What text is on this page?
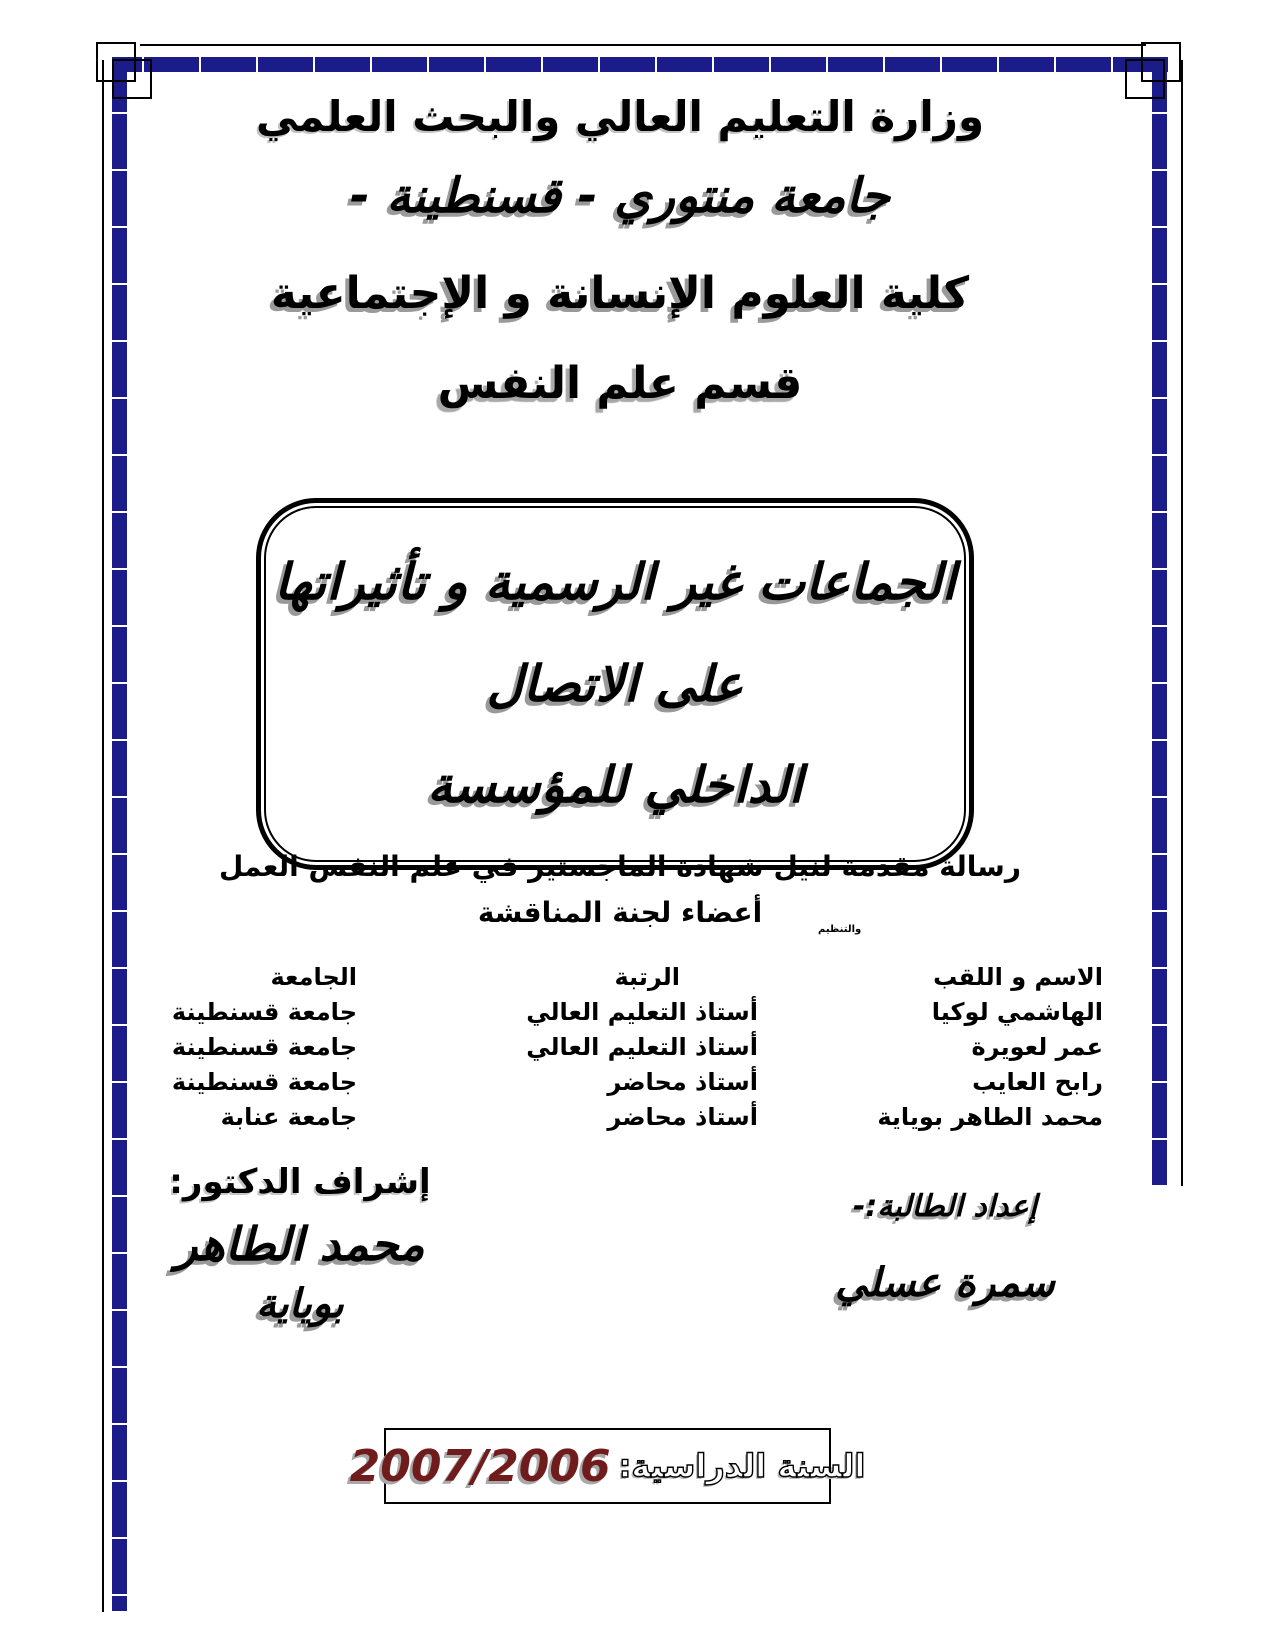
وزارة التعليم العالي والبحث العلمي
جامعة منتوري - قسنطينة -
كلية العلوم الإنسانة و الإجتماعية
قسم علم النفس
الجماعات غير الرسمية و تأثيراتها
على الاتصال
الداخلي للمؤسسة
رسالة مقدمة لنيل شهادة الماجستير في علم النفس العمل
والتنظيم
أعضاء لجنة المناقشة
الاسم و اللقب
الرتبة
الجامعة
الهاشمي لوكيا
أستاذ التعليم العالي
جامعة قسنطينة
عمر لعويرة
أستاذ التعليم العالي
جامعة قسنطينة
رابح العايب
أستاذ محاضر
جامعة قسنطينة
محمد الطاهر بوياية
أستاذ محاضر
جامعة عنابة
إشراف الدكتور:
محمد الطاهر
بوياية
إعداد الطالبة:-
سمرة عسلي
السنة الدراسية:
2007/2006
